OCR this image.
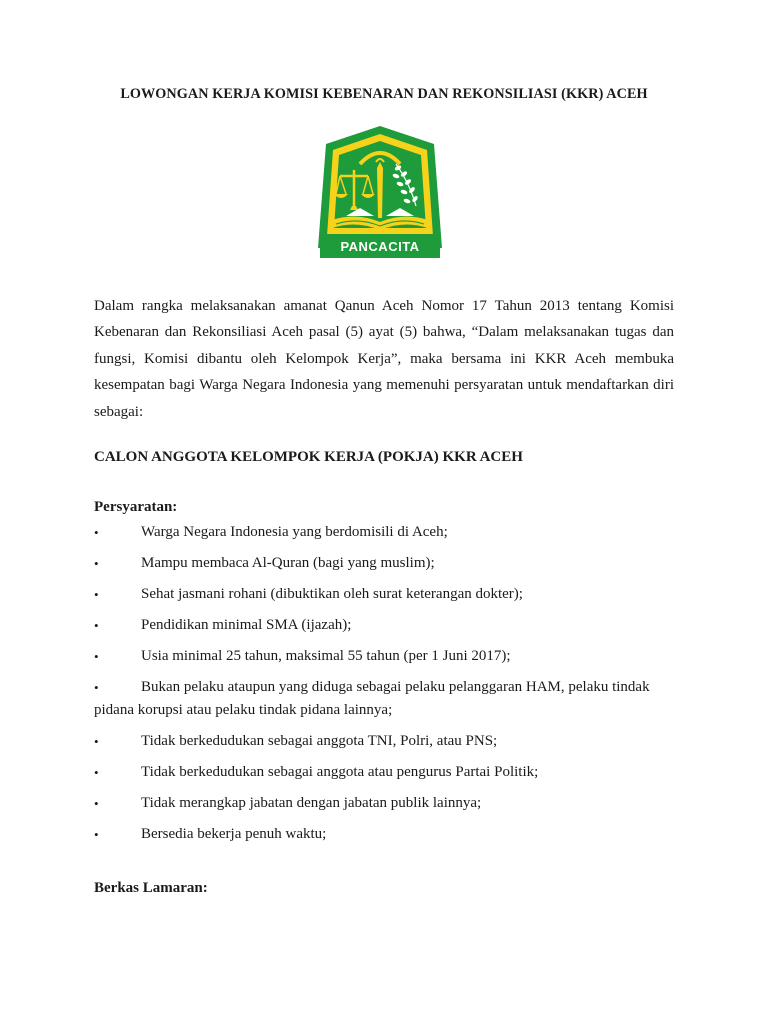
LOWONGAN KERJA KOMISI KEBENARAN DAN REKONSILIASI (KKR) ACEH
PANCACITA

Dalam rangka melaksanakan amanat Qanun Aceh Nomor 17 Tahun 2013 tentang Komisi Kebenaran dan Rekonsiliasi Aceh pasal (5) ayat (5) bahwa, “Dalam melaksanakan tugas dan fungsi, Komisi dibantu oleh Kelompok Kerja”, maka bersama ini KKR Aceh membuka kesempatan bagi Warga Negara Indonesia yang memenuhi persyaratan untuk mendaftarkan diri sebagai:

CALON ANGGOTA KELOMPOK KERJA (POKJA) KKR ACEH

Persyaratan:

•	Warga Negara Indonesia yang berdomisili di Aceh;
•	Mampu membaca Al-Quran (bagi yang muslim);
•	Sehat jasmani rohani (dibuktikan oleh surat keterangan dokter);
•	Pendidikan minimal SMA (ijazah);
•	Usia minimal 25 tahun, maksimal 55 tahun (per 1 Juni 2017);
•	Bukan pelaku ataupun yang diduga sebagai pelaku pelanggaran HAM, pelaku tindak pidana korupsi atau pelaku tindak pidana lainnya;
•	Tidak berkedudukan sebagai anggota TNI, Polri, atau PNS;
•	Tidak berkedudukan sebagai anggota atau pengurus Partai Politik;
•	Tidak merangkap jabatan dengan jabatan publik lainnya;
•	Bersedia bekerja penuh waktu;

Berkas Lamaran:
